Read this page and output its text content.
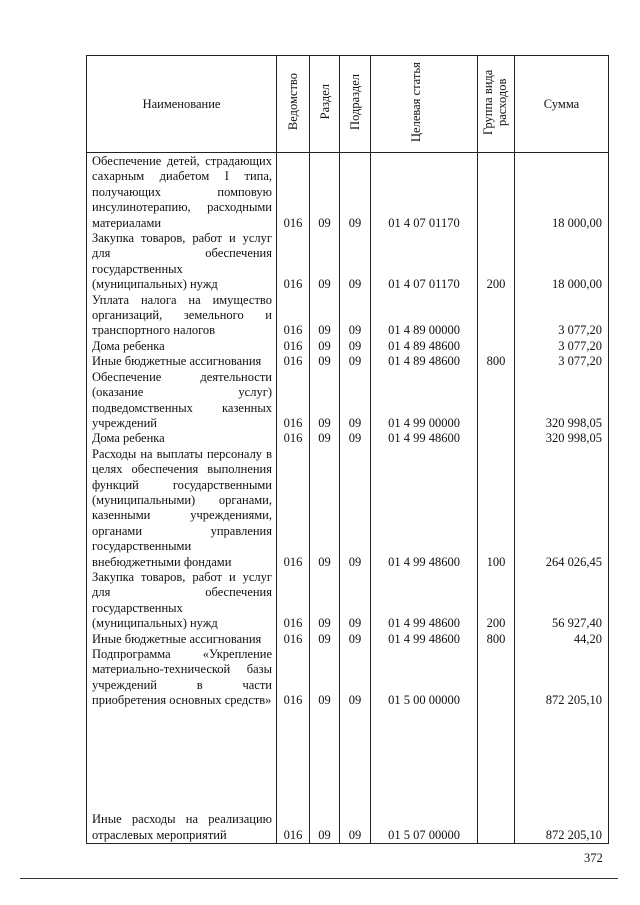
Наименование	Ведомство	Раздел	Подраздел	Целевая статья	Группа вида расходов	Сумма
Обеспечение детей, страдающих сахарным диабетом I типа, получающих помповую инсулинотерапию, расходными материалами	016	09	09	01 4 07 01170		18 000,00
Закупка товаров, работ и услуг для обеспечения государственных (муниципальных) нужд	016	09	09	01 4 07 01170	200	18 000,00
Уплата налога на имущество организаций, земельного и транспортного налогов	016	09	09	01 4 89 00000		3 077,20
Дома ребенка	016	09	09	01 4 89 48600		3 077,20
Иные бюджетные ассигнования	016	09	09	01 4 89 48600	800	3 077,20
Обеспечение деятельности (оказание услуг) подведомственных казенных учреждений	016	09	09	01 4 99 00000		320 998,05
Дома ребенка	016	09	09	01 4 99 48600		320 998,05
Расходы на выплаты персоналу в целях обеспечения выполнения функций государственными (муниципальными) органами, казенными учреждениями, органами управления государственными внебюджетными фондами	016	09	09	01 4 99 48600	100	264 026,45
Закупка товаров, работ и услуг для обеспечения государственных (муниципальных) нужд	016	09	09	01 4 99 48600	200	56 927,40
Иные бюджетные ассигнования	016	09	09	01 4 99 48600	800	44,20
Подпрограмма «Укрепление материально-технической базы учреждений в части приобретения основных средств»	016	09	09	01 5 00 00000		872 205,10
Иные расходы на реализацию отраслевых мероприятий	016	09	09	01 5 07 00000		872 205,10
372
